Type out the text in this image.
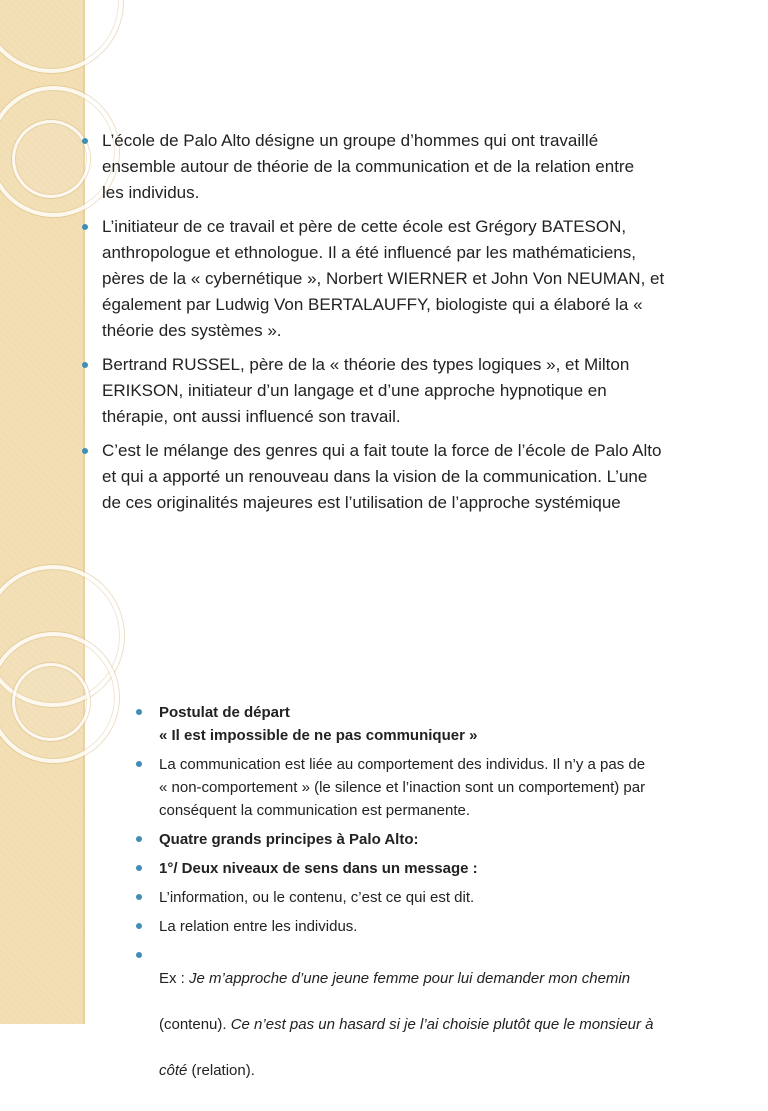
L’école de Palo Alto désigne un groupe d’hommes qui ont travaillé
ensemble autour de théorie de la communication et de la relation entre
les individus.
L’initiateur de ce travail et père de cette école est Grégory BATESON,
anthropologue et ethnologue. Il a été influencé par les mathématiciens,
pères de la « cybernétique », Norbert WIERNER et John Von NEUMAN, et
également par Ludwig Von BERTALAUFFY, biologiste qui a élaboré la «
théorie des systèmes ».
Bertrand RUSSEL, père de la « théorie des types logiques », et Milton
ERIKSON, initiateur d’un langage et d’une approche hypnotique en
thérapie, ont aussi influencé son travail.
C’est le mélange des genres qui a fait toute la force de l’école de Palo Alto
et qui a apporté un renouveau dans la vision de la communication. L’une
de ces originalités majeures est l’utilisation de l’approche systémique

Postulat de départ
« Il est impossible de ne pas communiquer »
La communication est liée au comportement des individus. Il n’y a pas de
« non-comportement » (le silence et l’inaction sont un comportement) par
conséquent la communication est permanente.
Quatre grands principes à Palo Alto:
1°/ Deux niveaux de sens dans un message :
L’information, ou le contenu, c’est ce qui est dit.
La relation entre les individus.

Ex : Je m’approche d’une jeune femme pour lui demander mon chemin

(contenu). Ce n’est pas un hasard si je l’ai choisie plutôt que le monsieur à

côté (relation).
